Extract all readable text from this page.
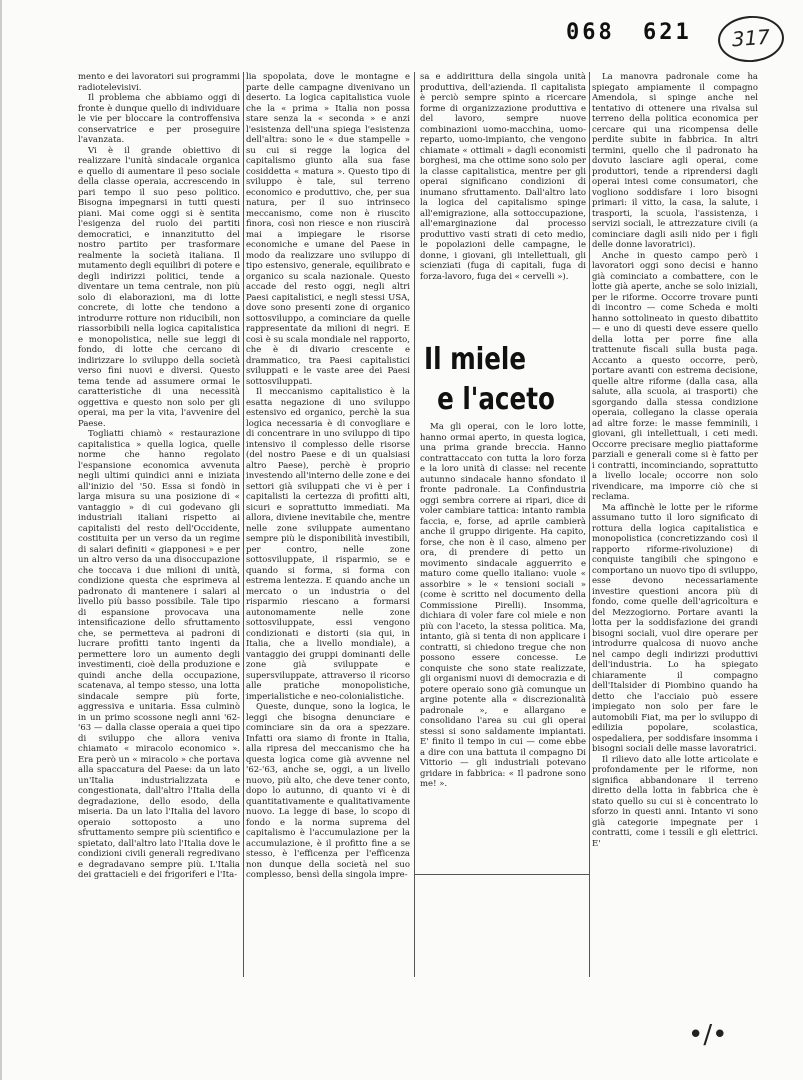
068 621	317

mento e dei lavoratori sui programmi radiotelevisivi.

Il problema che abbiamo oggi di fronte è dunque quello di individuare le vie per bloccare la controffensiva conservatrice e per proseguire l'avanzata.

Vi è il grande obiettivo di realizzare l'unità sindacale organica e quello di aumentare il peso sociale della classe operaia, accrescendo in pari tempo il suo peso politico. Bisogna impegnarsi in tutti questi piani. Mai come oggi si è sentita l'esigenza del ruolo dei partiti democratici, e innanzitutto del nostro partito per trasformare realmente la società italiana. Il mutamento degli equilibri di potere e degli indirizzi politici, tende a diventare un tema centrale, non più solo di elaborazioni, ma di lotte concrete, di lotte che tendono a introdurre rotture non riducibili, non riassorbibili nella logica capitalistica e monopolistica, nelle sue leggi di fondo, di lotte che cercano di indirizzare lo sviluppo della società verso fini nuovi e diversi. Questo tema tende ad assumere ormai le caratteristiche di una necessità oggettiva e questo non solo per gli operai, ma per la vita, l'avvenire del Paese.

Togliatti chiamò « restaurazione capitalistica » quella logica, quelle norme che hanno regolato l'espansione economica avvenuta negli ultimi quindici anni e iniziata all'inizio del '50. Essa si fondò in larga misura su una posizione di « vantaggio » di cui godevano gli industriali italiani rispetto ai capitalisti del resto dell'Occidente, costituita per un verso da un regime di salari definiti « giapponesi » e per un altro verso da una disoccupazione che toccava i due milioni di unità, condizione questa che esprimeva al padronato di mantenere i salari al livello più basso possibile. Tale tipo di espansione provocava una intensificazione dello sfruttamento che, se permetteva ai padroni di lucrare profitti tanto ingenti da permettere loro un aumento degli investimenti, cioè della produzione e quindi anche della occupazione, scatenava, al tempo stesso, una lotta sindacale sempre più forte, aggressiva e unitaria. Essa culminò in un primo scossone negli anni '62-'63 — dalla classe operaia a quei tipo di sviluppo che allora veniva chiamato « miracolo economico ». Era però un « miracolo » che portava alla spaccatura del Paese: da un lato un'Italia industrializzata e congestionata, dall'altro l'Italia della degradazione, dello esodo, della miseria. Da un lato l'Italia del lavoro operaio sottoposto a uno sfruttamento sempre più scientifico e spietato, dall'altro lato l'Italia dove le condizioni civili generali regredivano e degradavano sempre più. L'Italia dei grattacieli e dei frigoriferi e l'Ita-

lia spopolata, dove le montagne e parte delle campagne divenivano un deserto. La logica capitalistica vuole che la « prima » Italia non possa stare senza la « seconda » e anzi l'esistenza dell'una spiega l'esistenza dell'altra: sono le « due stampelle » su cui si regge la logica del capitalismo giunto alla sua fase cosiddetta « matura ». Questo tipo di sviluppo è tale, sul terreno economico e produttivo, che, per sua natura, per il suo intrinseco meccanismo, come non è riuscito finora, così non riesce e non riuscirà mai a impiegare le risorse economiche e umane del Paese in modo da realizzare uno sviluppo di tipo estensivo, generale, equilibrato e organico su scala nazionale. Questo accade del resto oggi, negli altri Paesi capitalistici, e negli stessi USA, dove sono presenti zone di organico sottosviluppo, a cominciare da quelle rappresentate da milioni di negri. E così è su scala mondiale nel rapporto, che è di divario crescente e drammatico, tra Paesi capitalistici sviluppati e le vaste aree dei Paesi sottosviluppati.

Il meccanismo capitalistico è la esatta negazione di uno sviluppo estensivo ed organico, perchè la sua logica necessaria è di convogliare e di concentrare in uno sviluppo di tipo intensivo il complesso delle risorse (del nostro Paese e di un qualsiasi altro Paese), perchè è proprio investendo all'interno delle zone e dei settori già sviluppati che vi è per i capitalisti la certezza di profitti alti, sicuri e soprattutto immediati. Ma allora, diviene inevitabile che, mentre nelle zone sviluppate aumentano sempre più le disponibilità investibili, per contro, nelle zone sottosviluppate, il risparmio, se e quando si forma, si forma con estrema lentezza. E quando anche un mercato o un industria o del risparmio riescano a formarsi autonomamente nelle zone sottosviluppate, essi vengono condizionati e distorti (sia qui, in Italia, che a livello mondiale), a vantaggio dei gruppi dominanti delle zone già sviluppate e supersviluppate, attraverso il ricorso alle pratiche monopolistiche, imperialistiche e neo-colonialistiche.

Queste, dunque, sono la logica, le leggi che bisogna denunciare e cominciare sin da ora a spezzare. Infatti ora siamo di fronte in Italia, alla ripresa del meccanismo che ha questa logica come già avvenne nel '62-'63, anche se, oggi, a un livello nuovo, più alto, che deve tener conto, dopo lo autunno, di quanto vi è di quantitativamente e qualitativamente nuovo. La legge di base, lo scopo di fondo e la norma suprema del capitalismo è l'accumulazione per la accumulazione, è il profitto fine a se stesso, è l'efficenza per l'efficenza non dunque della società nel suo complesso, bensì della singola impre-

sa e addirittura della singola unità produttiva, dell'azienda. Il capitalista è perciò sempre spinto a ricercare forme di organizzazione produttiva e del lavoro, sempre nuove combinazioni uomo-macchina, uomo-reparto, uomo-impianto, che vengono chiamate « ottimali » dagli economisti borghesi, ma che ottime sono solo per la classe capitalistica, mentre per gli operai significano condizioni di inumano sfruttamento. Dall'altro lato la logica del capitalismo spinge all'emigrazione, alla sottoccupazione, all'emarginazione dal processo produttivo vasti strati di ceto medio, le popolazioni delle campagne, le donne, i giovani, gli intellettuali, gli scienziati (fuga di capitali, fuga di forza-lavoro, fuga dei « cervelli »).

Il miele
e l'aceto

Ma gli operai, con le loro lotte, hanno ormai aperto, in questa logica, una prima grande breccia. Hanno contrattaccato con tutta la loro forza e la loro unità di classe: nel recente autunno sindacale hanno sfondato il fronte padronale. La Confindustria oggi sembra correre ai ripari, dice di voler cambiare tattica: intanto rambia faccia, e, forse, ad aprile cambierà anche il gruppo dirigente. Ha capito, forse, che non è il caso, almeno per ora, di prendere di petto un movimento sindacale agguerrito e maturo come quello italiano: vuole « assorbire » le « tensioni sociali » (come è scritto nel documento della Commissione Pirelli). Insomma, dichiara di voler fare col miele e non più con l'aceto, la stessa politica. Ma, intanto, già si tenta di non applicare i contratti, si chiedono tregue che non possono essere concesse. Le conquiste che sono state realizzate, gli organismi nuovi di democrazia e di potere operaio sono già comunque un argine potente alla « discrezionalità padronale », e allargano e consolidano l'area su cui gli operai stessi si sono saldamente impiantati. E' finito il tempo in cui — come ebbe a dire con una battuta il compagno Di Vittorio — gli industriali potevano gridare in fabbrica: « Il padrone sono me! ».

La manovra padronale come ha spiegato ampiamente il compagno Amendola, si spinge anche nel tentativo di ottenere una rivalsa sul terreno della politica economica per cercare qui una ricompensa delle perdite subite in fabbrica. In altri termini, quello che il padronato ha dovuto lasciare agli operai, come produttori, tende a riprendersi dagli operai intesi come consumatori, che vogliono soddisfare i loro bisogni primari: il vitto, la casa, la salute, i trasporti, la scuola, l'assistenza, i servizi sociali, le attrezzature civili (a cominciare dagli asili nido per i figli delle donne lavoratrici).

Anche in questo campo però i lavoratori oggi sono decisi e hanno già cominciato a combattere, con le lotte già aperte, anche se solo iniziali, per le riforme. Occorre trovare punti di incontro — come Scheda e molti hanno sottolineato in questo dibattito — e uno di questi deve essere quello della lotta per porre fine alla trattenute fiscali sulla busta paga. Accanto a questo occorre, però, portare avanti con estrema decisione, quelle altre riforme (dalla casa, alla salute, alla scuola, ai trasporti) che sgorgando dalla stessa condizione operaia, collegano la classe operaia ad altre forze: le masse femminili, i giovani, gli intellettuali, i ceti medi. Occorre precisare meglio piattaforme parziali e generali come si è fatto per i contratti, incominciando, soprattutto a livello locale; occorre non solo rivendicare, ma imporre ciò che si reclama.

Ma affinchè le lotte per le riforme assumano tutto il loro significato di rottura della logica capitalistica e monopolistica (concretizzando così il rapporto riforme-rivoluzione) di conquiste tangibili che spingono e comportano un nuovo tipo di sviluppo, esse devono necessariamente investire questioni ancora più di fondo, come quelle dell'agricoltura e del Mezzogiorno. Portare avanti la lotta per la soddisfazione dei grandi bisogni sociali, vuol dire operare per introdurre qualcosa di nuovo anche nel campo degli indirizzi produttivi dell'industria. Lo ha spiegato chiaramente il compagno dell'Italsider di Piombino quando ha detto che l'acciaio può essere impiegato non solo per fare le automobili Fiat, ma per lo sviluppo di edilizia popolare, scolastica, ospedaliera, per soddisfare insomma i bisogni sociali delle masse lavoratrici.

Il rilievo dato alle lotte articolate e profondamente per le riforme, non significa abbandonare il terreno diretto della lotta in fabbrica che è stato quello su cui si è concentrato lo sforzo in questi anni. Intanto vi sono già categorie impegnate per i contratti, come i tessili e gli elettrici. E'

•/•
